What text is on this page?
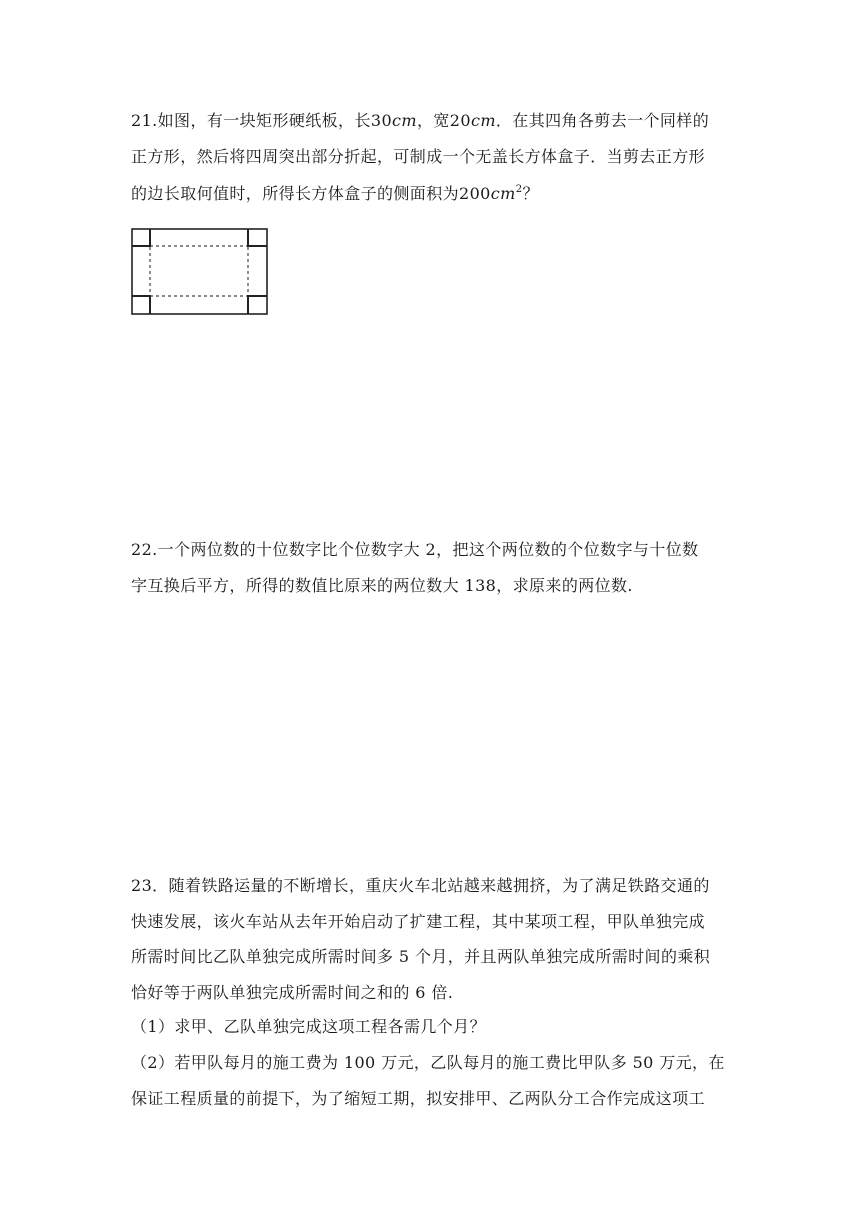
21.如图，有一块矩形硬纸板，长30cm，宽20cm．在其四角各剪去一个同样的
正方形，然后将四周突出部分折起，可制成一个无盖长方体盒子．当剪去正方形
的边长取何值时，所得长方体盒子的侧面积为$200cm^2$？
22.一个两位数的十位数字比个位数字大 2，把这个两位数的个位数字与十位数
字互换后平方，所得的数值比原来的两位数大 138，求原来的两位数.
23．随着铁路运量的不断增长，重庆火车北站越来越拥挤，为了满足铁路交通的
快速发展，该火车站从去年开始启动了扩建工程，其中某项工程，甲队单独完成
所需时间比乙队单独完成所需时间多 5 个月，并且两队单独完成所需时间的乘积
恰好等于两队单独完成所需时间之和的 6 倍.
（1）求甲、乙队单独完成这项工程各需几个月？
（2）若甲队每月的施工费为 100 万元，乙队每月的施工费比甲队多 50 万元，在
保证工程质量的前提下，为了缩短工期，拟安排甲、乙两队分工合作完成这项工
